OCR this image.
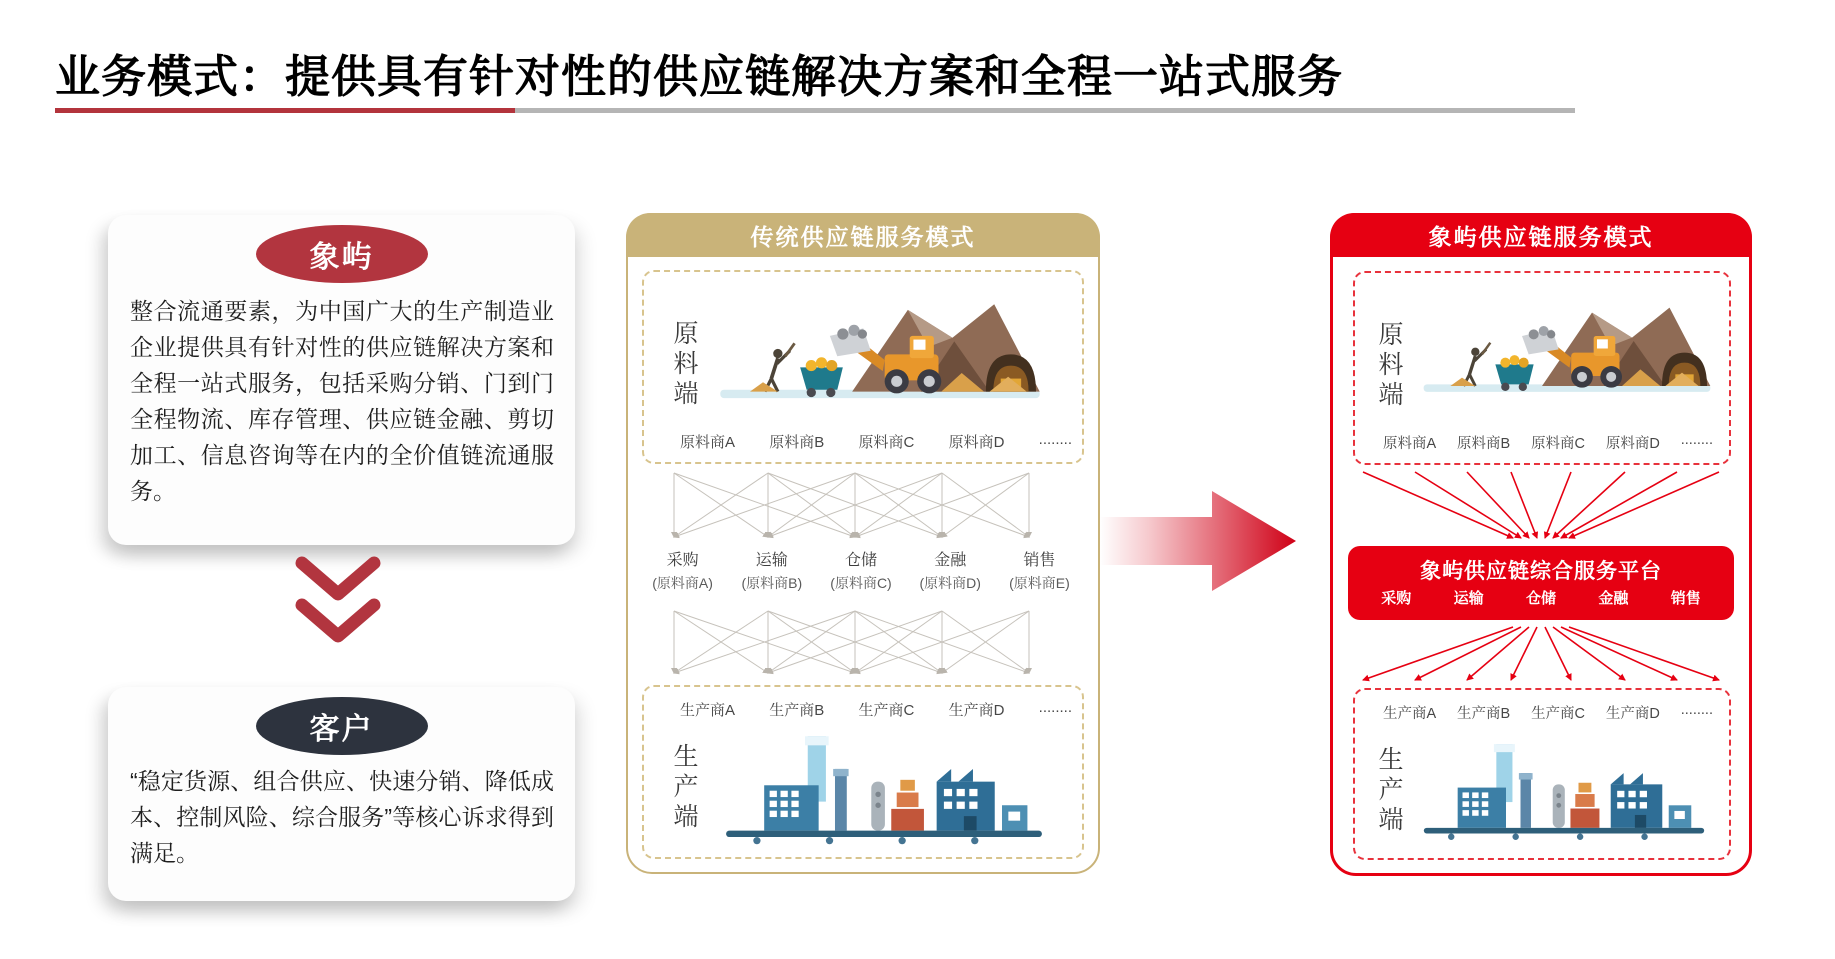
业务模式：提供具有针对性的供应链解决方案和全程一站式服务
象屿

整合流通要素，为中国广大的生产制造业企业提供具有针对性的供应链解决方案和全程一站式服务，包括采购分销、门到门全程物流、库存管理、供应链金融、剪切加工、信息咨询等在内的全价值链流通服务。

客户

“稳定货源、组合供应、快速分销、降低成本、控制风险、综合服务”等核心诉求得到满足。

传统供应链服务模式
原料端
原料商A 原料商B 原料商C 原料商D ........
采购
(原料商A)
运输
(原料商B)
仓储
(原料商C)
金融
(原料商D)
销售
(原料商E)
生产商A 生产商B 生产商C 生产商D ........
生产端
象屿供应链服务模式
原料端
原料商A 原料商B 原料商C 原料商D ........
象屿供应链综合服务平台
采购	运输	仓储	金融	销售
生产商A 生产商B 生产商C 生产商D ........
生产端
